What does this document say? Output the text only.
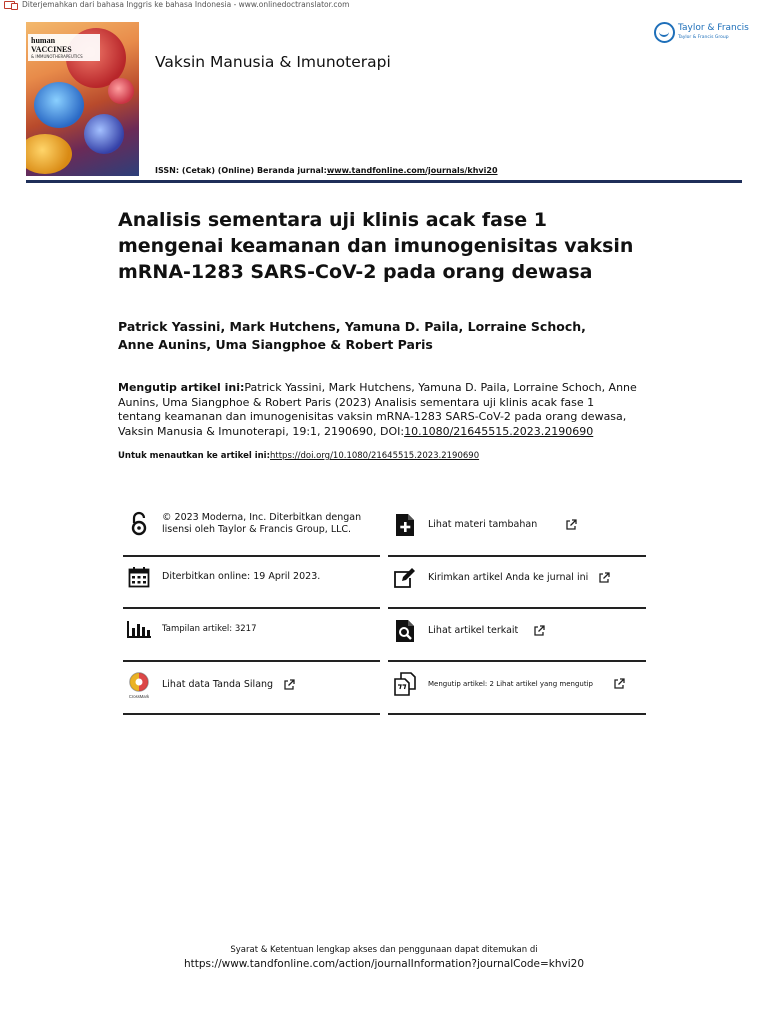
Diterjemahkan dari bahasa Inggris ke bahasa Indonesia - www.onlinedoctranslator.com
human VACCINES
& IMMUNOTHERAPEUTICS	Vaksin Manusia & Imunoterapi
ISSN: (Cetak) (Online) Beranda jurnal:www.tandfonline.com/journals/khvi20
Taylor & Francis
Taylor & Francis Group
Analisis sementara uji klinis acak fase 1 mengenai keamanan dan imunogenisitas vaksin mRNA-1283 SARS-CoV-2 pada orang dewasa
Patrick Yassini, Mark Hutchens, Yamuna D. Paila, Lorraine Schoch, Anne Aunins, Uma Siangphoe & Robert Paris
Mengutip artikel ini:Patrick Yassini, Mark Hutchens, Yamuna D. Paila, Lorraine Schoch, Anne Aunins, Uma Siangphoe & Robert Paris (2023) Analisis sementara uji klinis acak fase 1 tentang keamanan dan imunogenisitas vaksin mRNA-1283 SARS-CoV-2 pada orang dewasa, Vaksin Manusia & Imunoterapi, 19:1, 2190690, DOI:10.1080/21645515.2023.2190690
Untuk menautkan ke artikel ini:https://doi.org/10.1080/21645515.2023.2190690
© 2023 Moderna, Inc. Diterbitkan dengan lisensi oleh Taylor & Francis Group, LLC.
Diterbitkan online: 19 April 2023.
Tampilan artikel: 3217
CrossMark
Lihat data Tanda Silang
Lihat materi tambahan
Kirimkan artikel Anda ke jurnal ini
Lihat artikel terkait
Mengutip artikel: 2 Lihat artikel yang mengutip
Syarat & Ketentuan lengkap akses dan penggunaan dapat ditemukan di
https://www.tandfonline.com/action/journalInformation?journalCode=khvi20
